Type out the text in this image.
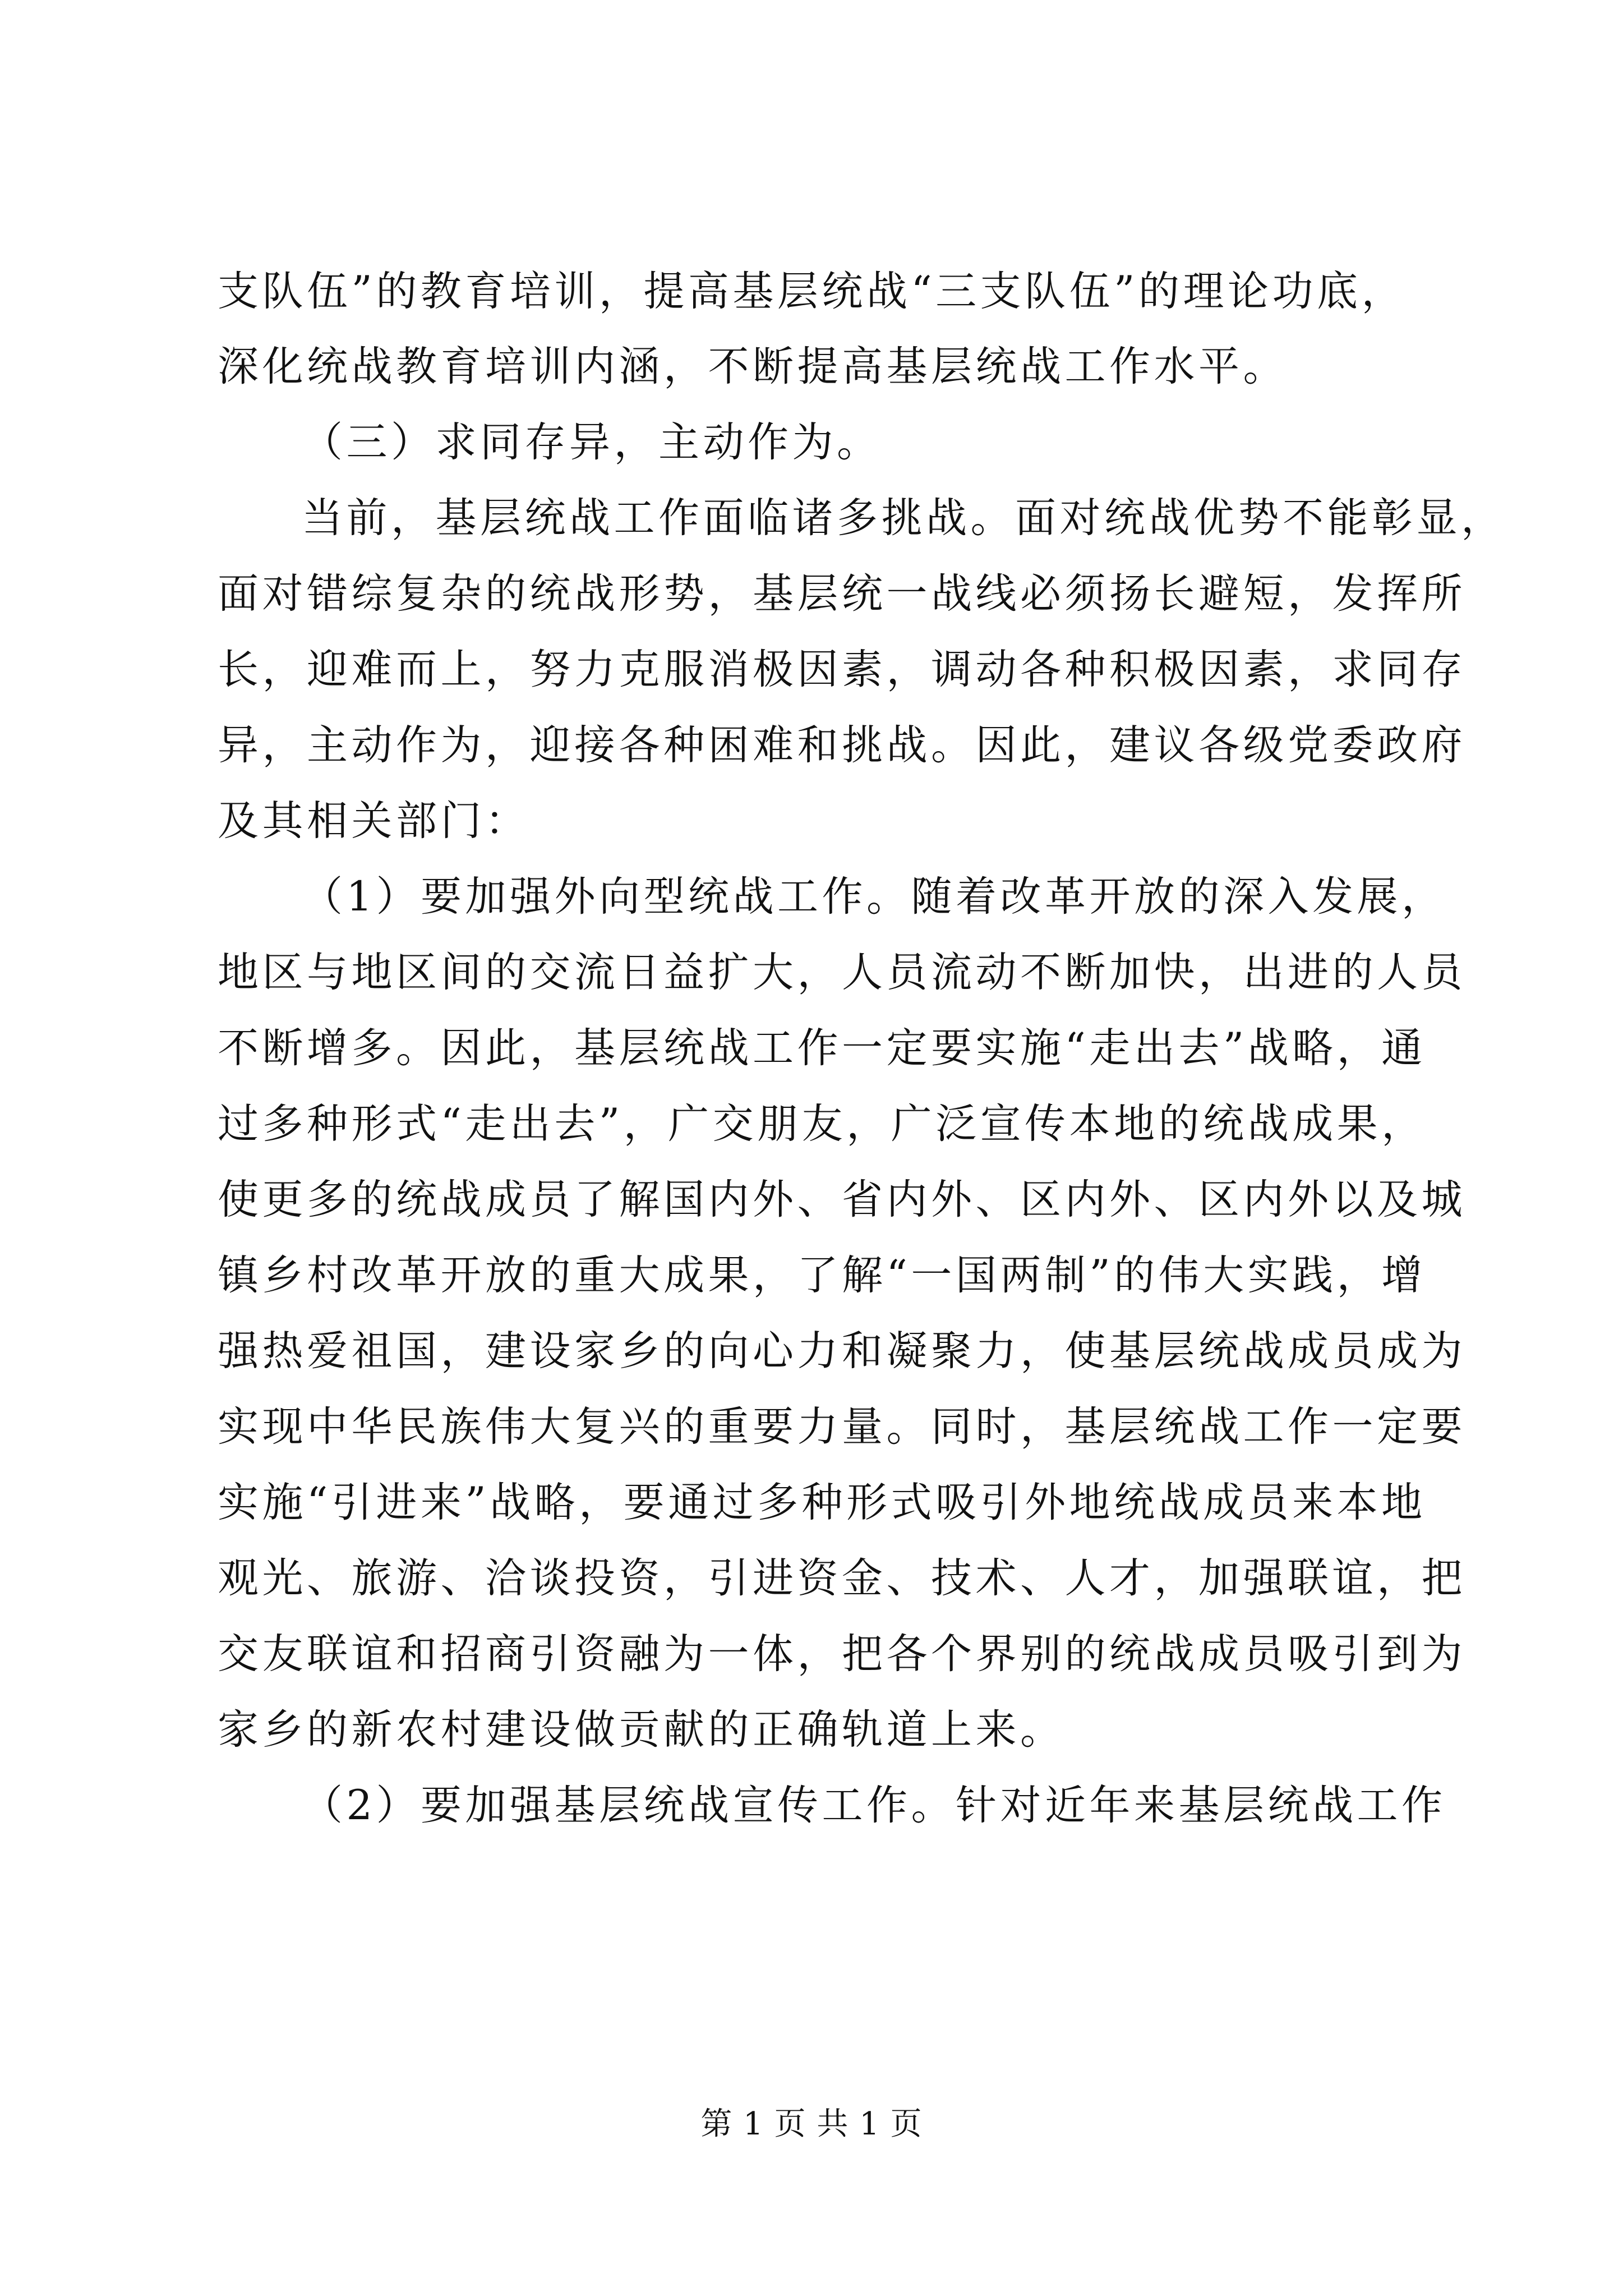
支队伍”的教育培训，提高基层统战“三支队伍”的理论功底，
深化统战教育培训内涵，不断提高基层统战工作水平。
（三）求同存异，主动作为。
当前，基层统战工作面临诸多挑战。面对统战优势不能彰显，
面对错综复杂的统战形势，基层统一战线必须扬长避短，发挥所
长，迎难而上，努力克服消极因素，调动各种积极因素，求同存
异，主动作为，迎接各种困难和挑战。因此，建议各级党委政府
及其相关部门：
（1）要加强外向型统战工作。随着改革开放的深入发展，
地区与地区间的交流日益扩大，人员流动不断加快，出进的人员
不断增多。因此，基层统战工作一定要实施“走出去”战略，通
过多种形式“走出去”，广交朋友，广泛宣传本地的统战成果，
使更多的统战成员了解国内外、省内外、区内外、区内外以及城
镇乡村改革开放的重大成果，了解“一国两制”的伟大实践，增
强热爱祖国，建设家乡的向心力和凝聚力，使基层统战成员成为
实现中华民族伟大复兴的重要力量。同时，基层统战工作一定要
实施“引进来”战略，要通过多种形式吸引外地统战成员来本地
观光、旅游、洽谈投资，引进资金、技术、人才，加强联谊，把
交友联谊和招商引资融为一体，把各个界别的统战成员吸引到为
家乡的新农村建设做贡献的正确轨道上来。
（2）要加强基层统战宣传工作。针对近年来基层统战工作
第 1 页 共 1 页
